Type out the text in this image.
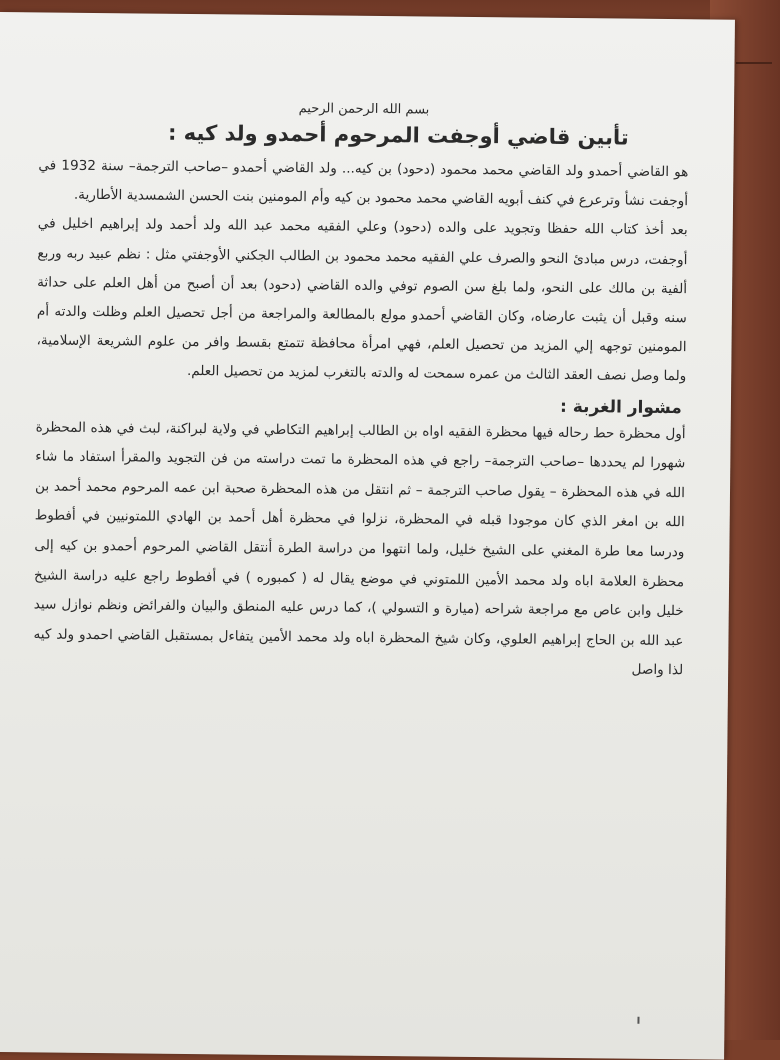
بسم الله الرحمن الرحيم
تأبين قاضي أوجفت المرحوم أحمدو ولد كيه :

هو القاضي أحمدو ولد القاضي محمد محمود (دحود) بن كيه... ولد القاضي أحمدو –صاحب الترجمة– سنة 1932 في أوجفت نشأ وترعرع في كنف أبويه القاضي محمد محمود بن كيه وأم المومنين بنت الحسن الشمسدية الأطارية.

بعد أخذ كتاب الله حفظا وتجويد على والده (دحود) وعلي الفقيه محمد عبد الله ولد أحمد ولد إبراهيم اخليل في أوجفت، درس مبادئ النحو والصرف علي الفقيه محمد محمود بن الطالب الجكني الأوجفتي مثل : نظم عبيد ربه وربع ألفية بن مالك على النحو، ولما بلغ سن الصوم توفي والده القاضي (دحود) بعد أن أصبح من أهل العلم على حداثة سنه وقبل أن يثبت عارضاه، وكان القاضي أحمدو مولع بالمطالعة والمراجعة من أجل تحصيل العلم وظلت والدته أم المومنين توجهه إلي المزيد من تحصيل العلم، فهي امرأة محافظة تتمتع بقسط وافر من علوم الشريعة الإسلامية، ولما وصل نصف العقد الثالث من عمره سمحت له والدته بالتغرب لمزيد من تحصيل العلم.

مشوار الغربة :

أول محظرة حط رحاله فيها محظرة الفقيه اواه بن الطالب إبراهيم التكاطي في ولاية لبراكنة، لبث في هذه المحظرة شهورا لم يحددها –صاحب الترجمة– راجع في هذه المحظرة ما تمت دراسته من فن التجويد والمقرأ استفاد ما شاء الله في هذه المحظرة – يقول صاحب الترجمة – ثم انتقل من هذه المحظرة صحبة ابن عمه المرحوم محمد أحمد بن الله بن امغر الذي كان موجودا قبله في المحظرة، نزلوا في محظرة أهل أحمد بن الهادي اللمتونيين في أفطوط ودرسا معا طرة المغني على الشيخ خليل، ولما انتهوا من دراسة الطرة أنتقل القاضي المرحوم أحمدو بن كيه إلى محظرة العلامة اباه ولد محمد الأمين اللمتوني في موضع يقال له ( كمبوره ) في أفطوط راجع عليه دراسة الشيخ خليل وابن عاص مع مراجعة شراحه (ميارة و التسولي )، كما درس عليه المنطق والبيان والفرائض ونظم نوازل سيد عبد الله بن الحاج إبراهيم العلوي، وكان شيخ المحظرة اباه ولد محمد الأمين يتفاءل بمستقبل القاضي احمدو ولد كيه لذا واصل
